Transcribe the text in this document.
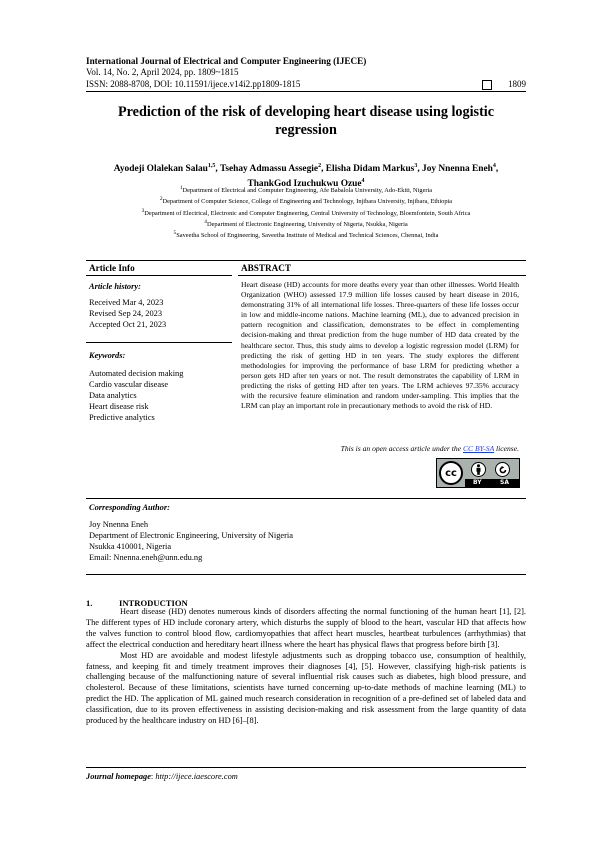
International Journal of Electrical and Computer Engineering (IJECE)
Vol. 14, No. 2, April 2024, pp. 1809~1815
ISSN: 2088-8708, DOI: 10.11591/ijece.v14i2.pp1809-1815	1809
Prediction of the risk of developing heart disease using logistic regression
Ayodeji Olalekan Salau$^{1,5}$, Tsehay Admassu Assegie$^2$, Elisha Didam Markus$^3$, Joy Nnenna Eneh$^4$,
ThankGod Izuchukwu Ozue$^4$
$^1$Department of Electrical and Computer Engineering, Afe Babalola University, Ado-Ekiti, Nigeria
$^2$Department of Computer Science, College of Engineering and Technology, Injibara University, Injibara, Ethiopia
$^3$Department of Electrical, Electronic and Computer Engineering, Central University of Technology, Bloemfontein, South Africa
$^4$Department of Electronic Engineering, University of Nigeria, Nsukka, Nigeria
$^5$Saveetha School of Engineering, Saveetha Institute of Medical and Technical Sciences, Chennai, India
Article Info	ABSTRACT
Article history:
Received Mar 4, 2023
Revised Sep 24, 2023
Accepted Oct 21, 2023
Keywords:
Automated decision making
Cardio vascular disease
Data analytics
Heart disease risk
Predictive analytics
Heart disease (HD) accounts for more deaths every year than other illnesses. World Health Organization (WHO) assessed 17.9 million life losses caused by heart disease in 2016, demonstrating 31% of all international life losses. Three-quarters of these life losses occur in low and middle-income nations. Machine learning (ML), due to advanced precision in pattern recognition and classification, demonstrates to be effect in complementing decision-making and threat prediction from the huge number of HD data created by the healthcare sector. Thus, this study aims to develop a logistic regression model (LRM) for predicting the risk of getting HD in ten years. The study explores the different methodologies for improving the performance of base LRM for predicting whether a person gets HD after ten years or not. The result demonstrates the capability of LRM in predicting the risks of getting HD after ten years. The LRM achieves 97.35% accuracy with the recursive feature elimination and random under-sampling. This implies that the LRM can play an important role in precautionary methods to avoid the risk of HD.
This is an open access article under the CC BY-SA license.
cc
BY	SA
Corresponding Author:
Joy Nnenna Eneh
Department of Electronic Engineering, University of Nigeria
Nsukka 410001, Nigeria
Email: Nnenna.eneh@unn.edu.ng
1.	INTRODUCTION

Heart disease (HD) denotes numerous kinds of disorders affecting the normal functioning of the human heart [1], [2]. The different types of HD include coronary artery, which disturbs the supply of blood to the heart, vascular HD that affects how the valves function to control blood flow, cardiomyopathies that affect heart muscles, heartbeat turbulences (arrhythmias) that affect the electrical conduction and hereditary heart illness where the heart has physical flaws that progress before birth [3].

Most HD are avoidable and modest lifestyle adjustments such as dropping tobacco use, consumption of healthily, fatness, and keeping fit and timely treatment improves their diagnoses [4], [5]. However, classifying high-risk patients is challenging because of the malfunctioning nature of several influential risk causes such as diabetes, high blood pressure, and cholesterol. Because of these limitations, scientists have turned concerning up-to-date methods of machine learning (ML) to predict the HD. The application of ML gained much research consideration in recognition of a pre-defined set of labeled data and classification, due to its proven effectiveness in assisting decision-making and risk assessment from the large quantity of data produced by the healthcare industry on HD [6]–[8].

Journal homepage: http://ijece.iaescore.com
